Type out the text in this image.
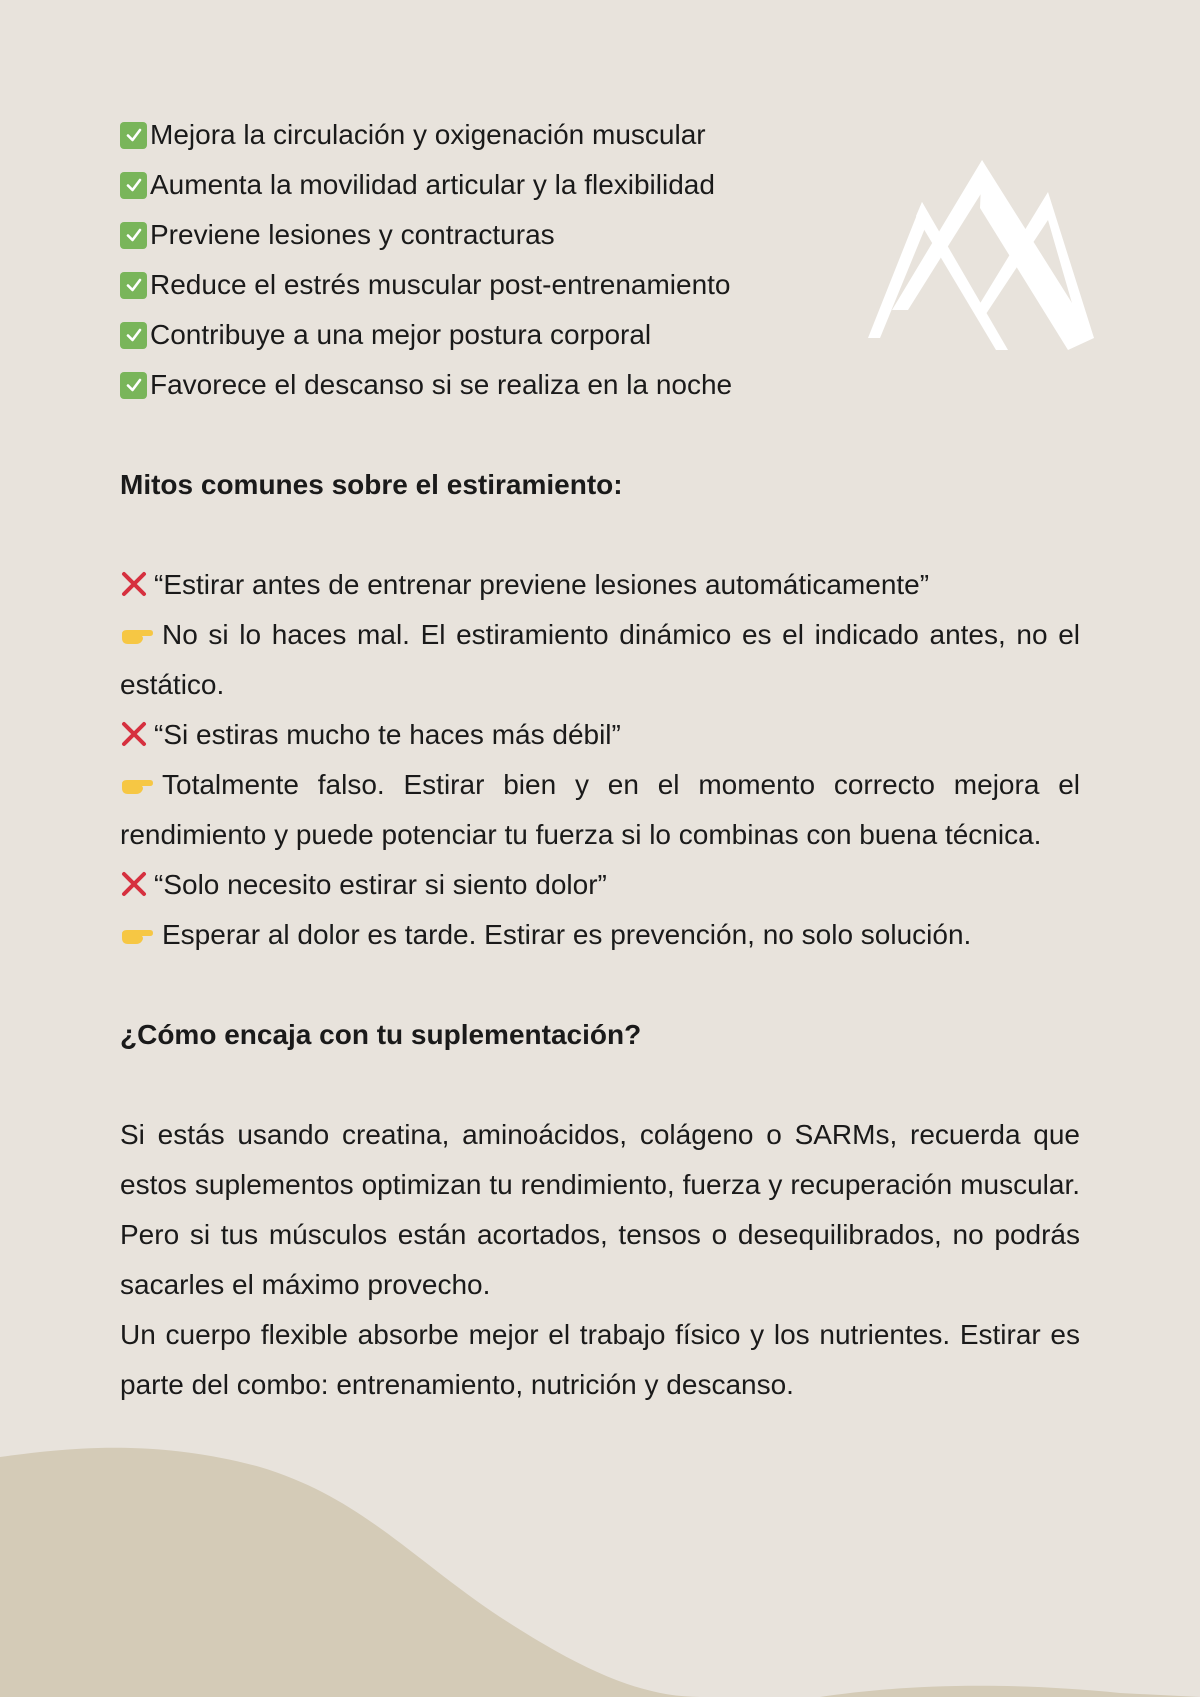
Mejora la circulación y oxigenación muscular
Aumenta la movilidad articular y la flexibilidad
Previene lesiones y contracturas
Reduce el estrés muscular post-entrenamiento
Contribuye a una mejor postura corporal
Favorece el descanso si se realiza en la noche
Mitos comunes sobre el estiramiento:

“Estirar antes de entrenar previene lesiones automáticamente”

No si lo haces mal. El estiramiento dinámico es el indicado antes, no el estático.

“Si estiras mucho te haces más débil”

Totalmente falso. Estirar bien y en el momento correcto mejora el rendimiento y puede potenciar tu fuerza si lo combinas con buena técnica.

“Solo necesito estirar si siento dolor”

Esperar al dolor es tarde. Estirar es prevención, no solo solución.

¿Cómo encaja con tu suplementación?

Si estás usando creatina, aminoácidos, colágeno o SARMs, recuerda que estos suplementos optimizan tu rendimiento, fuerza y recuperación muscular. Pero si tus músculos están acortados, tensos o desequilibrados, no podrás sacarles el máximo provecho.

Un cuerpo flexible absorbe mejor el trabajo físico y los nutrientes. Estirar es parte del combo: entrenamiento, nutrición y descanso.
